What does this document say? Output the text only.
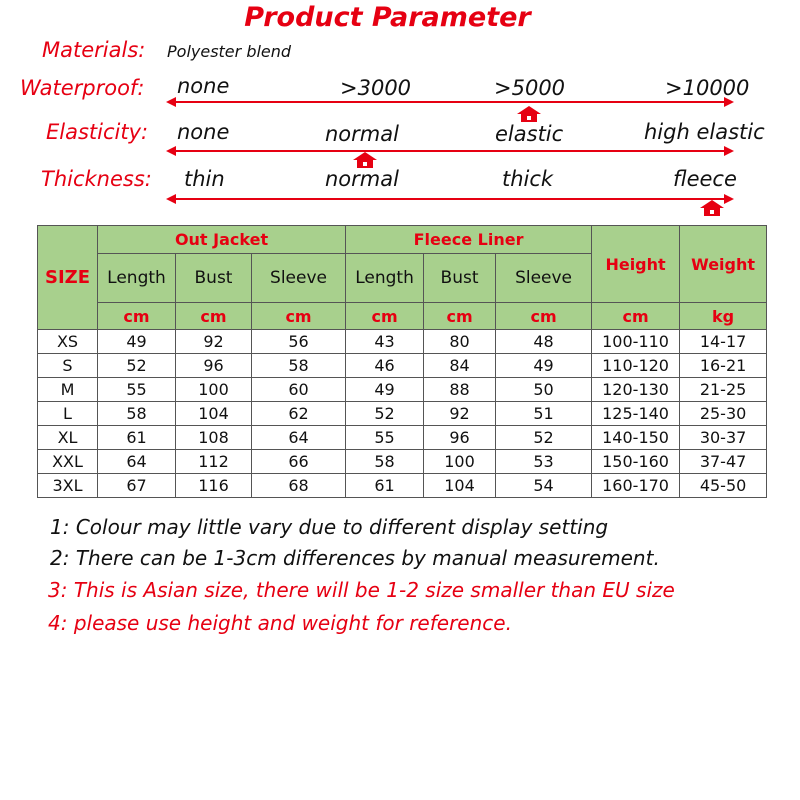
Product Parameter
Materials: Polyester blend
Waterproof: none	>3000	>5000	>10000
Elasticity: none	normal	elastic	high elastic
Thickness: thin	normal	thick	fleece
SIZE	Out Jacket			Fleece Liner			Height	Weight
	Length	Bust	Sleeve	Length	Bust	Sleeve		
	cm	cm	cm	cm	cm	cm	cm	kg
XS	49	92	56	43	80	48	100-110	14-17
S	52	96	58	46	84	49	110-120	16-21
M	55	100	60	49	88	50	120-130	21-25
L	58	104	62	52	92	51	125-140	25-30
XL	61	108	64	55	96	52	140-150	30-37
XXL	64	112	66	58	100	53	150-160	37-47
3XL	67	116	68	61	104	54	160-170	45-50
1: Colour may little vary due to different display setting
2: There can be 1-3cm differences by manual measurement.
3: This is Asian size, there will be 1-2 size smaller than EU size
4: please use height and weight for reference.
